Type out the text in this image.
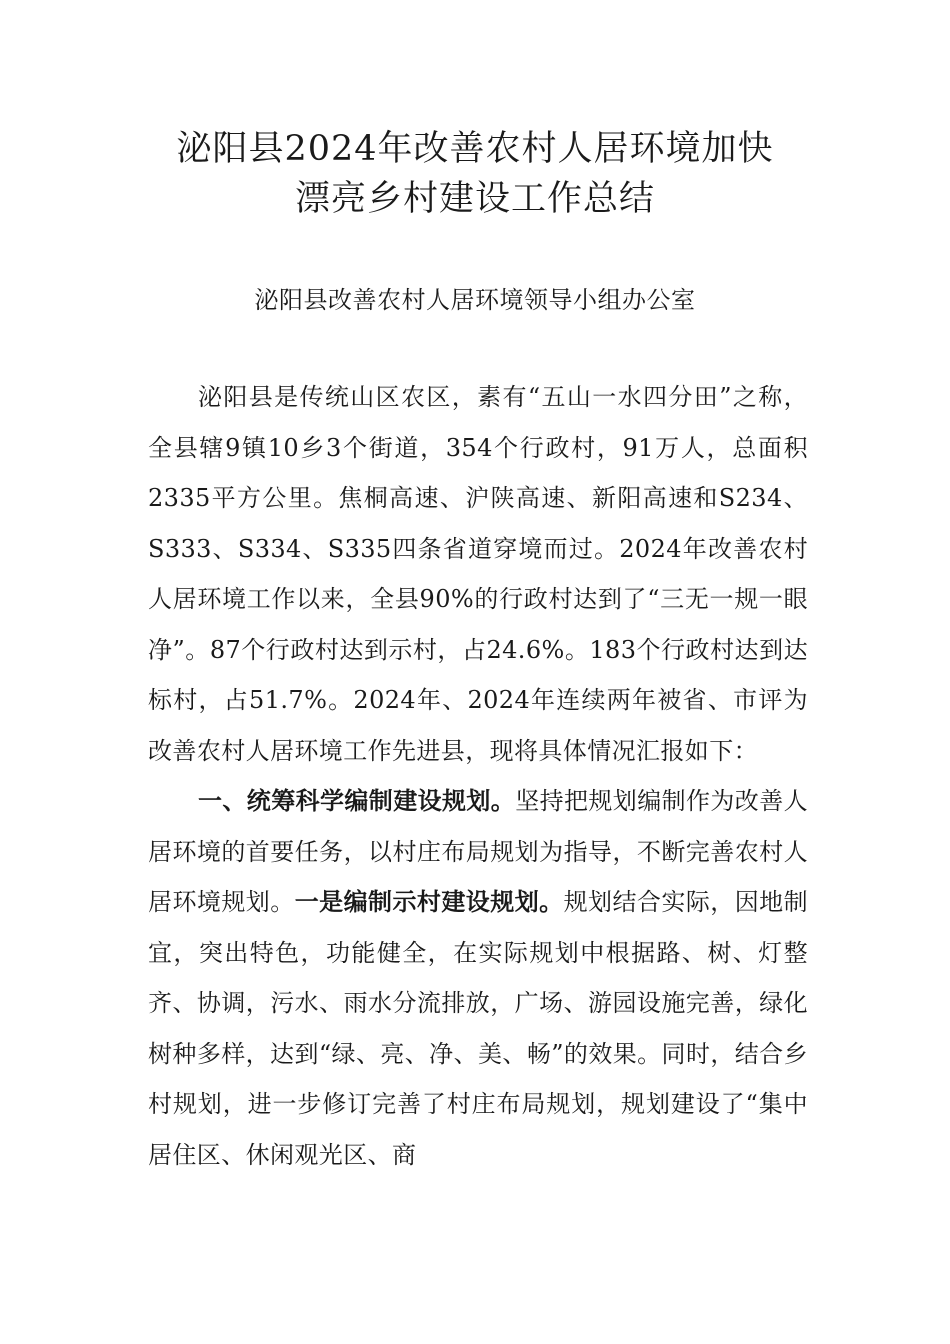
泌阳县2024年改善农村人居环境加快
漂亮乡村建设工作总结
泌阳县改善农村人居环境领导小组办公室

泌阳县是传统山区农区，素有“五山一水四分田”之称，全县辖9镇10乡3个街道，354个行政村，91万人，总面积2335平方公里。焦桐高速、沪陕高速、新阳高速和S234、S333、S334、S335四条省道穿境而过。2024年改善农村人居环境工作以来，全县90%的行政村达到了“三无一规一眼净”。87个行政村达到示村，占24.6%。183个行政村达到达标村，占51.7%。2024年、2024年连续两年被省、市评为改善农村人居环境工作先进县，现将具体情况汇报如下：

一、统筹科学编制建设规划。坚持把规划编制作为改善人居环境的首要任务，以村庄布局规划为指导，不断完善农村人居环境规划。一是编制示村建设规划。规划结合实际，因地制宜，突出特色，功能健全，在实际规划中根据路、树、灯整齐、协调，污水、雨水分流排放，广场、游园设施完善，绿化树种多样，达到“绿、亮、净、美、畅”的效果。同时，结合乡村规划，进一步修订完善了村庄布局规划，规划建设了“集中居住区、休闲观光区、商
